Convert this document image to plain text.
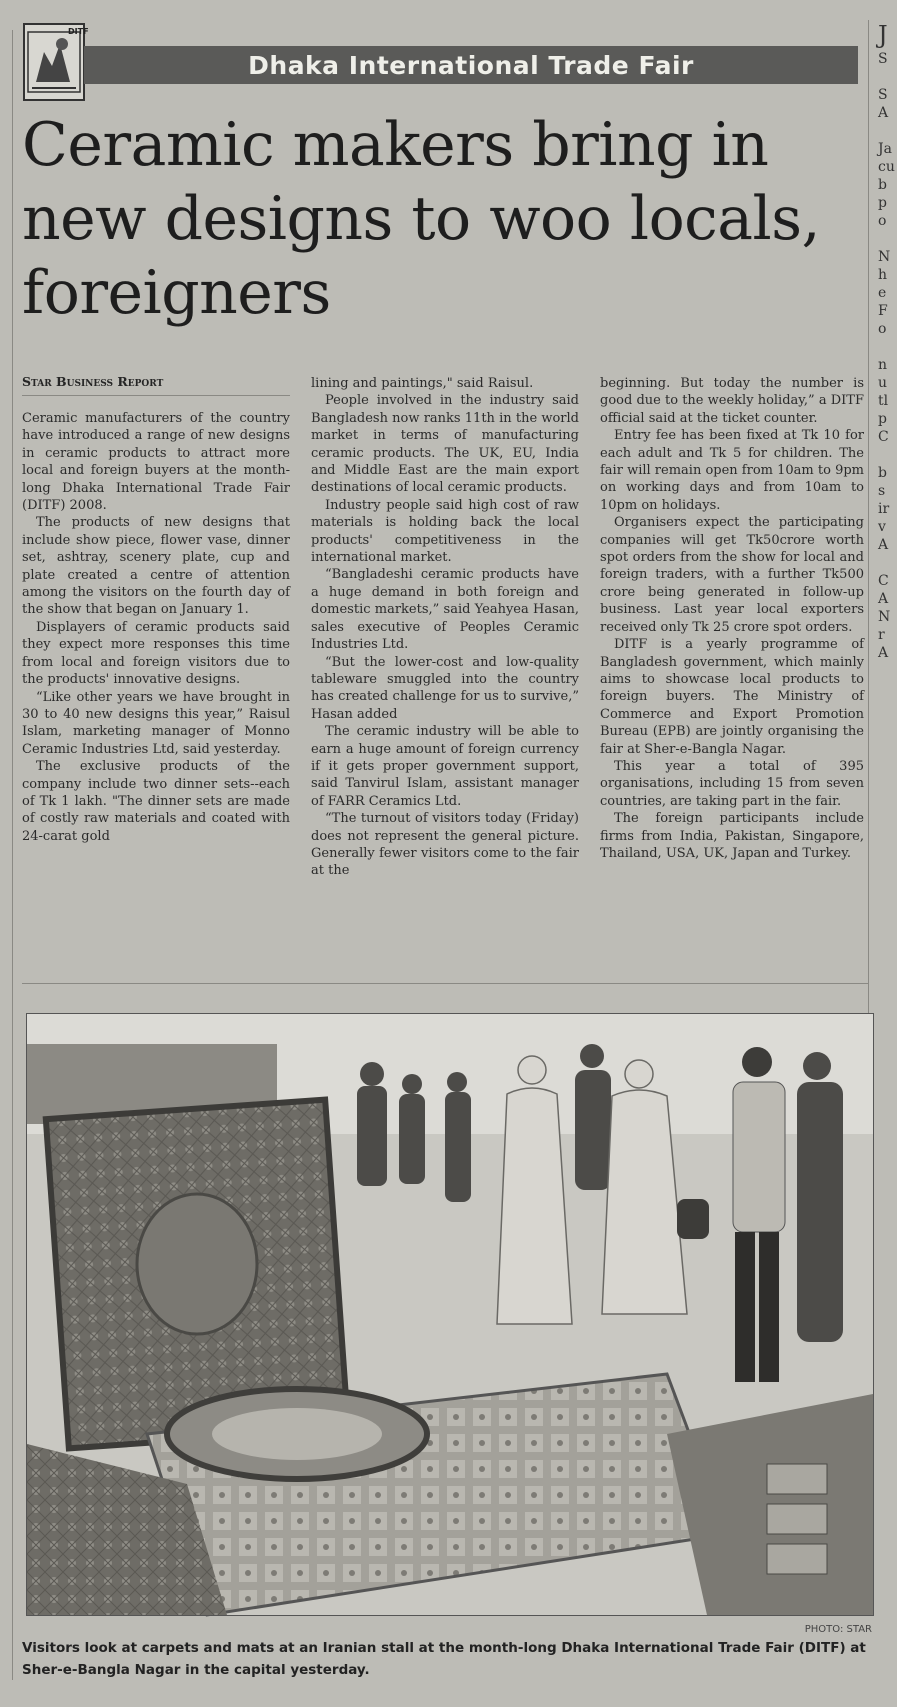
DITF
Dhaka International Trade Fair
Ceramic makers bring in new designs to woo locals, foreigners
Star Business Report

Ceramic manufacturers of the country have introduced a range of new designs in ceramic products to attract more local and foreign buyers at the month-long Dhaka International Trade Fair (DITF) 2008.

The products of new designs that include show piece, flower vase, dinner set, ashtray, scenery plate, cup and plate created a centre of attention among the visitors on the fourth day of the show that began on January 1.

Displayers of ceramic products said they expect more responses this time from local and foreign visitors due to the products' innovative designs.

“Like other years we have brought in 30 to 40 new designs this year,” Raisul Islam, marketing manager of Monno Ceramic Industries Ltd, said yesterday.

The exclusive products of the company include two dinner sets--each of Tk 1 lakh. "The dinner sets are made of costly raw materials and coated with 24-carat gold

lining and paintings," said Raisul.

People involved in the industry said Bangladesh now ranks 11th in the world market in terms of manufacturing ceramic products. The UK, EU, India and Middle East are the main export destinations of local ceramic products.

Industry people said high cost of raw materials is holding back the local products' competitiveness in the international market.

“Bangladeshi ceramic products have a huge demand in both foreign and domestic markets,” said Yeahyea Hasan, sales executive of Peoples Ceramic Industries Ltd.

“But the lower-cost and low-quality tableware smuggled into the country has created challenge for us to survive,” Hasan added

The ceramic industry will be able to earn a huge amount of foreign currency if it gets proper government support, said Tanvirul Islam, assistant manager of FARR Ceramics Ltd.

“The turnout of visitors today (Friday) does not represent the general picture. Generally fewer visitors come to the fair at the

beginning. But today the number is good due to the weekly holiday,” a DITF official said at the ticket counter.

Entry fee has been fixed at Tk 10 for each adult and Tk 5 for children. The fair will remain open from 10am to 9pm on working days and from 10am to 10pm on holidays.

Organisers expect the participating companies will get Tk50crore worth spot orders from the show for local and foreign traders, with a further Tk500 crore being generated in follow-up business. Last year local exporters received only Tk 25 crore spot orders.

DITF is a yearly programme of Bangladesh government, which mainly aims to showcase local products to foreign buyers. The Ministry of Commerce and Export Promotion Bureau (EPB) are jointly organising the fair at Sher-e-Bangla Nagar.

This year a total of 395 organisations, including 15 from seven countries, are taking part in the fair.

The foreign participants include firms from India, Pakistan, Singapore, Thailand, USA, UK, Japan and Turkey.

PHOTO: STAR
Visitors look at carpets and mats at an Iranian stall at the month-long Dhaka International Trade Fair (DITF) at Sher-e-Bangla Nagar in the capital yesterday.
J
S

S
A

Ja
cu
b
p
o

N
h
e
F
o

n
u
tl
p
C

b
s
ir
v
A

C
A
N
r
A
